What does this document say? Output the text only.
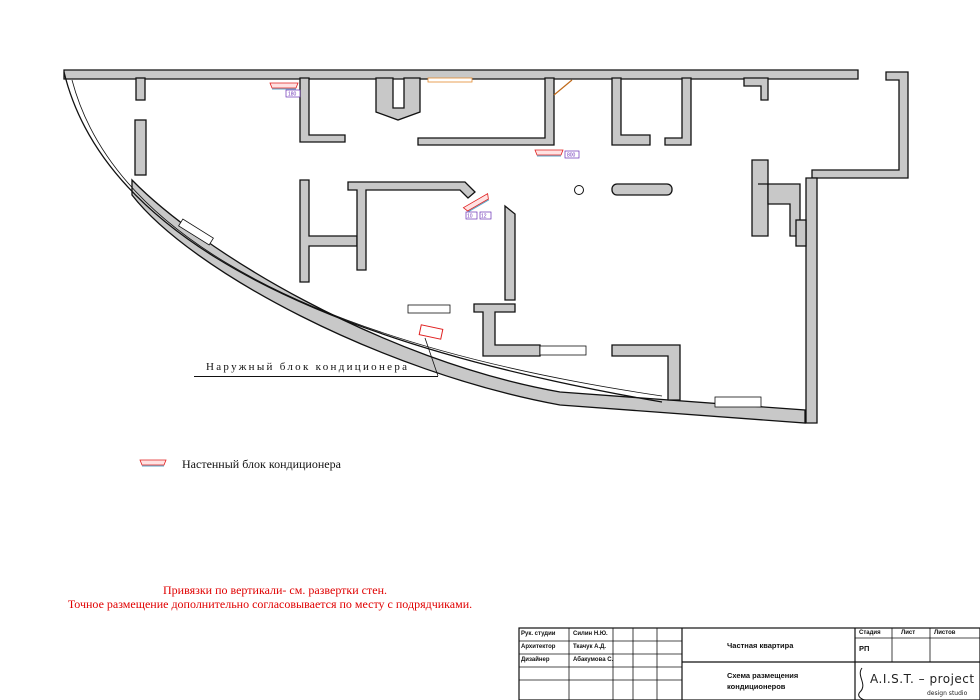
180
800
10 12
Наружный блок кондиционера
Настенный блок кондиционера
Привязки по вертикали- см. развертки стен.
Точное размещение дополнительно согласовывается по месту с подрядчиками.
Рук. студии	Силин Н.Ю.
Архитектор	Ткачук А.Д.
Дизайнер	Абакумова С.
Частная квартира
Схема размещения
кондиционеров
Стадия	Лист	Листов
РП
A.I.S.T. – project
design studio
